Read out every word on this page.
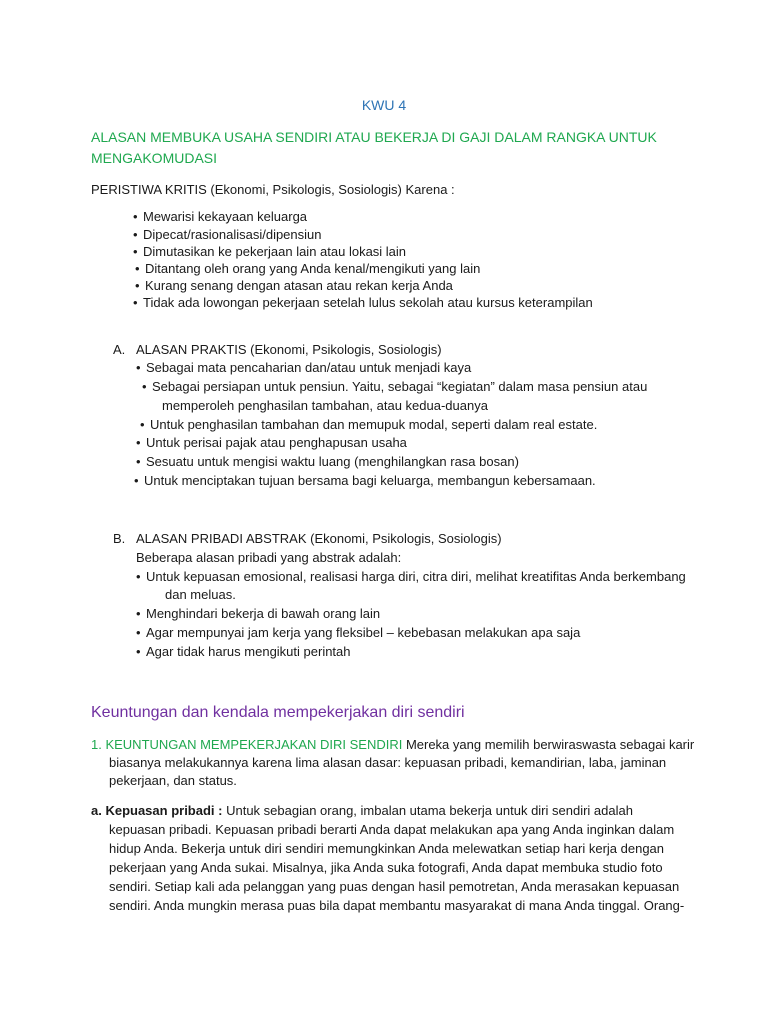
KWU 4
ALASAN MEMBUKA USAHA SENDIRI ATAU BEKERJA DI GAJI DALAM RANGKA UNTUK
MENGAKOMUDASI
PERISTIWA KRITIS (Ekonomi, Psikologis, Sosiologis) Karena :
• Mewarisi kekayaan keluarga
• Dipecat/rasionalisasi/dipensiun
• Dimutasikan ke pekerjaan lain atau lokasi lain
• Ditantang oleh orang yang Anda kenal/mengikuti yang lain
• Kurang senang dengan atasan atau rekan kerja Anda
• Tidak ada lowongan pekerjaan setelah lulus sekolah atau kursus keterampilan
A. ALASAN PRAKTIS (Ekonomi, Psikologis, Sosiologis)
• Sebagai mata pencaharian dan/atau untuk menjadi kaya
• Sebagai persiapan untuk pensiun. Yaitu, sebagai “kegiatan” dalam masa pensiun atau
memperoleh penghasilan tambahan, atau kedua-duanya
• Untuk penghasilan tambahan dan memupuk modal, seperti dalam real estate.
• Untuk perisai pajak atau penghapusan usaha
• Sesuatu untuk mengisi waktu luang (menghilangkan rasa bosan)
• Untuk menciptakan tujuan bersama bagi keluarga, membangun kebersamaan.
B. ALASAN PRIBADI ABSTRAK (Ekonomi, Psikologis, Sosiologis)
Beberapa alasan pribadi yang abstrak adalah:
• Untuk kepuasan emosional, realisasi harga diri, citra diri, melihat kreatifitas Anda berkembang
dan meluas.
• Menghindari bekerja di bawah orang lain
• Agar mempunyai jam kerja yang fleksibel – kebebasan melakukan apa saja
• Agar tidak harus mengikuti perintah
Keuntungan dan kendala mempekerjakan diri sendiri
1. KEUNTUNGAN MEMPEKERJAKAN DIRI SENDIRI Mereka yang memilih berwiraswasta sebagai karir
biasanya melakukannya karena lima alasan dasar: kepuasan pribadi, kemandirian, laba, jaminan
pekerjaan, dan status.
a. Kepuasan pribadi : Untuk sebagian orang, imbalan utama bekerja untuk diri sendiri adalah
kepuasan pribadi. Kepuasan pribadi berarti Anda dapat melakukan apa yang Anda inginkan dalam
hidup Anda. Bekerja untuk diri sendiri memungkinkan Anda melewatkan setiap hari kerja dengan
pekerjaan yang Anda sukai. Misalnya, jika Anda suka fotografi, Anda dapat membuka studio foto
sendiri. Setiap kali ada pelanggan yang puas dengan hasil pemotretan, Anda merasakan kepuasan
sendiri. Anda mungkin merasa puas bila dapat membantu masyarakat di mana Anda tinggal. Orang-
